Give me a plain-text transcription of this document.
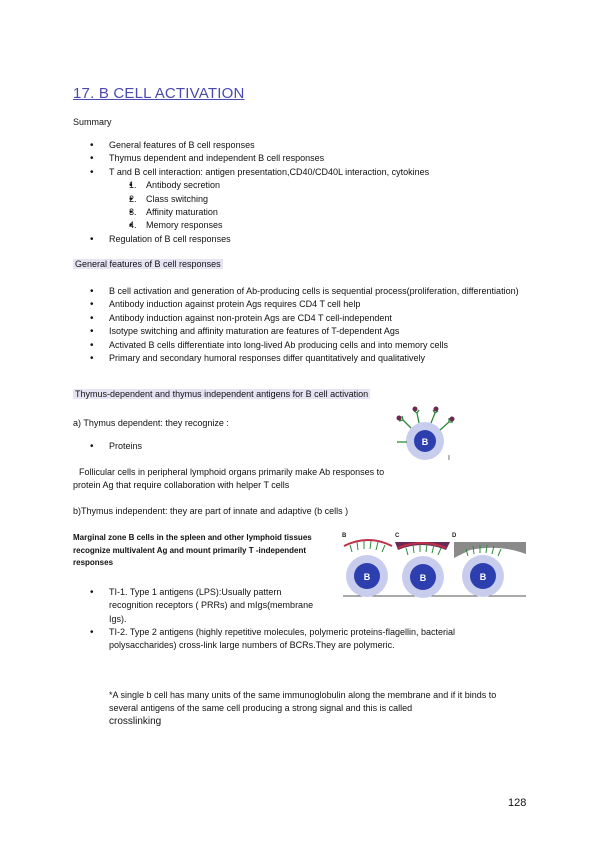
17. B CELL ACTIVATION
Summary
• General features of B cell responses
• Thymus dependent and independent B cell responses
• T and B cell interaction: antigen presentation,CD40/CD40L interaction, cytokines
• 1. Antibody secretion
• 2. Class switching
• 3. Affinity maturation
• 4. Memory responses
• Regulation of B cell responses
General features of B cell responses
• B cell activation and generation of Ab-producing cells is sequential process(proliferation, differentiation)
• Antibody induction against protein Ags requires CD4 T cell help
• Antibody induction against non-protein Ags are CD4 T cell-independent
• Isotype switching and affinity maturation are features of T-dependent Ags
• Activated B cells differentiate into long-lived Ab producing cells and into memory cells
• Primary and secondary humoral responses differ quantitatively and qualitatively
Thymus-dependent and thymus independent antigens for B cell activation
a) Thymus dependent: they recognize :
• Proteins	B
I
Follicular cells in peripheral lymphoid organs primarily make Ab responses to protein Ag that require collaboration with helper T cells
b)Thymus independent: they are part of innate and adaptive (b cells )
Marginal zone B cells in the spleen and other lymphoid tissues recognize multivalent Ag and mount primarily T -independent responses
B
B
C
B
D
B
• TI-1. Type 1 antigens (LPS):Usually pattern recognition receptors ( PRRs) and mIgs(membrane Igs).
• TI-2. Type 2 antigens (highly repetitive molecules, polymeric proteins-flagellin, bacterial polysaccharides) cross-link large numbers of BCRs.They are polymeric.
*A single b cell has many units of the same immunoglobulin along the membrane and if it binds to several antigens of the same cell producing a strong signal and this is called
crosslinking
128
